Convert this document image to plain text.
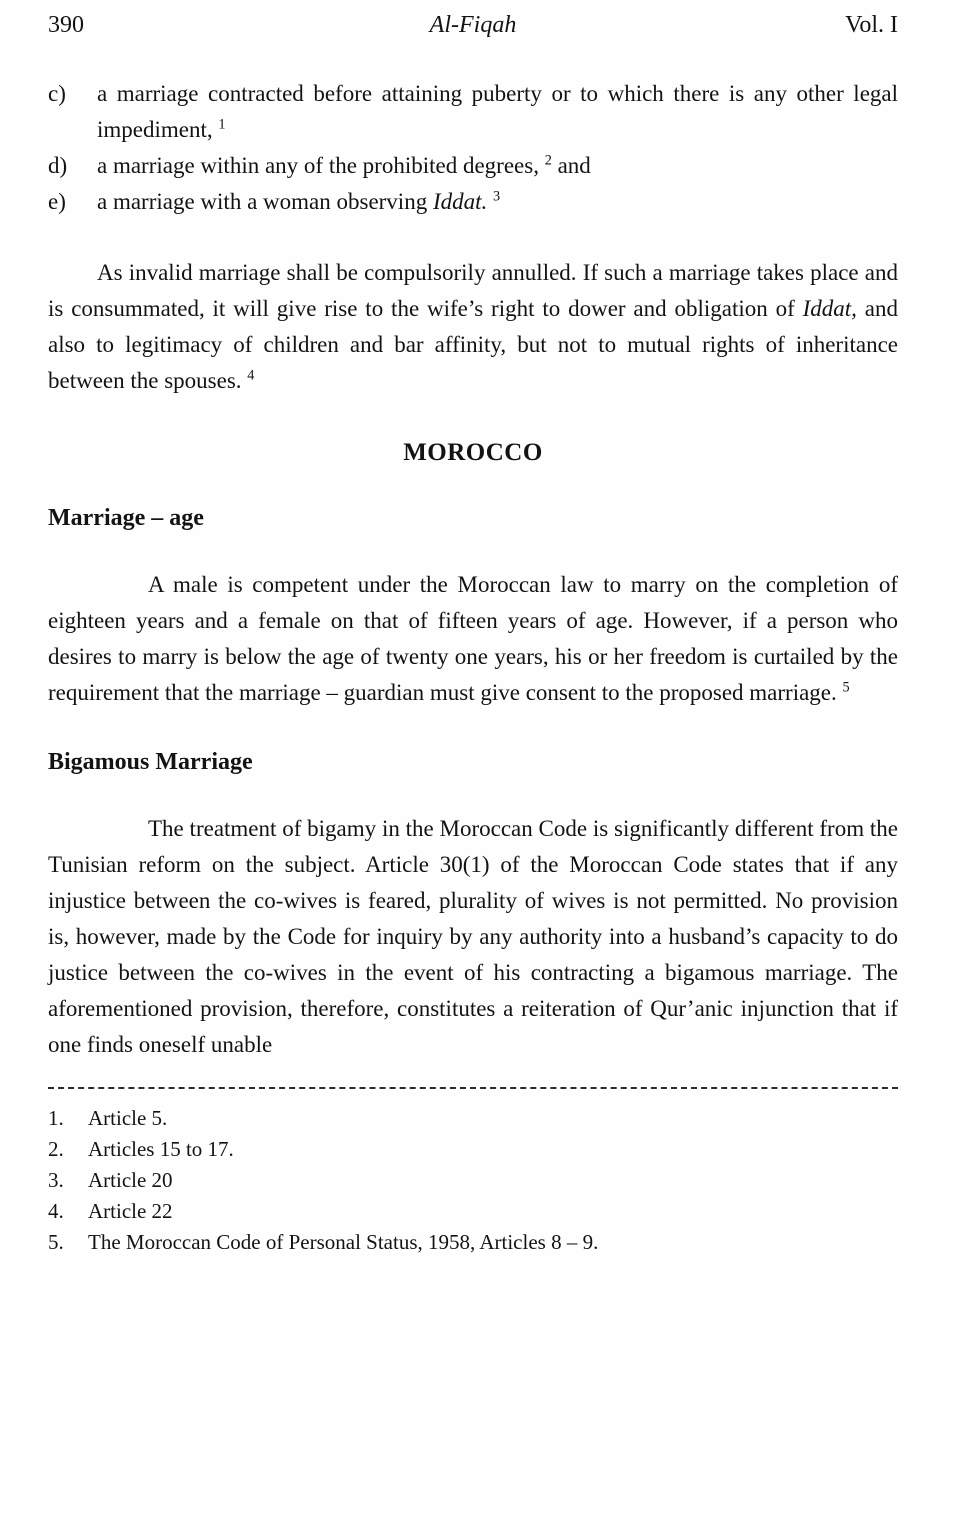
390	Al-Fiqah	Vol. I
c) a marriage contracted before attaining puberty or to which there is any other legal impediment, $^1$
d) a marriage within any of the prohibited degrees, $^2$ and
e) a marriage with a woman observing Iddat. $^3$

As invalid marriage shall be compulsorily annulled. If such a marriage takes place and is consummated, it will give rise to the wife’s right to dower and obligation of Iddat, and also to legitimacy of children and bar affinity, but not to mutual rights of inheritance between the spouses. $^4$

MOROCCO
Marriage – age

A male is competent under the Moroccan law to marry on the completion of eighteen years and a female on that of fifteen years of age. However, if a person who desires to marry is below the age of twenty one years, his or her freedom is curtailed by the requirement that the marriage – guardian must give consent to the proposed marriage. $^5$

Bigamous Marriage

The treatment of bigamy in the Moroccan Code is significantly different from the Tunisian reform on the subject. Article 30(1) of the Moroccan Code states that if any injustice between the co-wives is feared, plurality of wives is not permitted. No provision is, however, made by the Code for inquiry by any authority into a husband’s capacity to do justice between the co-wives in the event of his contracting a bigamous marriage. The aforementioned provision, therefore, constitutes a reiteration of Qur’anic injunction that if one finds oneself unable

1.	Article 5.
2.	Articles 15 to 17.
3.	Article 20
4.	Article 22
5.	The Moroccan Code of Personal Status, 1958, Articles 8 – 9.
